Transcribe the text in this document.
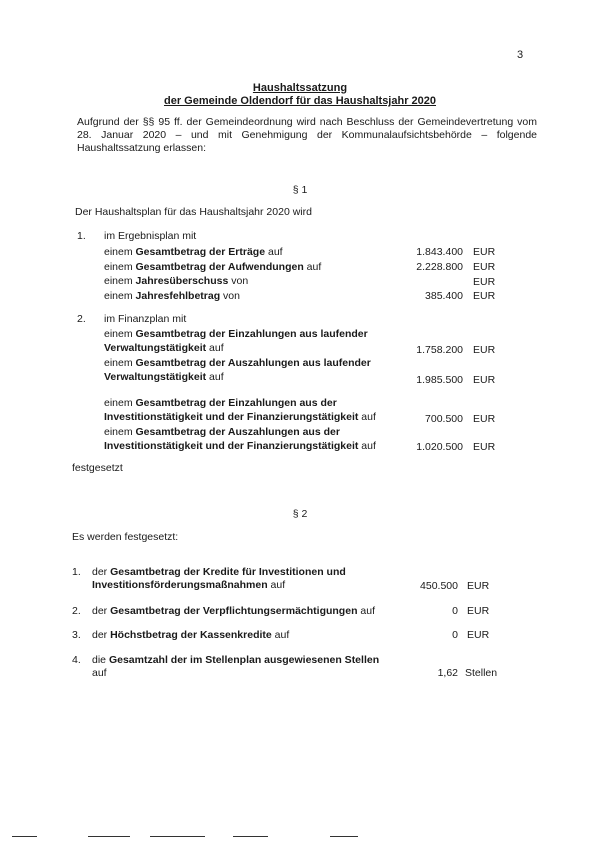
3
Haushaltssatzung
der Gemeinde Oldendorf für das Haushaltsjahr 2020
Aufgrund der §§ 95 ff. der Gemeindeordnung wird nach Beschluss der Gemeindevertretung vom 28. Januar 2020 – und mit Genehmigung der Kommunalaufsichtsbehörde – folgende Haushaltssatzung erlassen:
§ 1
Der Haushaltsplan für das Haushaltsjahr 2020 wird
1. im Ergebnisplan mit
einem Gesamtbetrag der Erträge auf	1.843.400 EUR
einem Gesamtbetrag der Aufwendungen auf	2.228.800 EUR
einem Jahresüberschuss von	EUR
einem Jahresfehlbetrag von	385.400 EUR
2. im Finanzplan mit
einem Gesamtbetrag der Einzahlungen aus laufender
Verwaltungstätigkeit auf	1.758.200 EUR
einem Gesamtbetrag der Auszahlungen aus laufender
Verwaltungstätigkeit auf	1.985.500 EUR
einem Gesamtbetrag der Einzahlungen aus der
Investitionstätigkeit und der Finanzierungstätigkeit auf	700.500 EUR
einem Gesamtbetrag der Auszahlungen aus der
Investitionstätigkeit und der Finanzierungstätigkeit auf	1.020.500 EUR
festgesetzt
§ 2
Es werden festgesetzt:
1. der Gesamtbetrag der Kredite für Investitionen und
Investitionsförderungsmaßnahmen auf	450.500 EUR
2. der Gesamtbetrag der Verpflichtungsermächtigungen auf	0 EUR
3. der Höchstbetrag der Kassenkredite auf	0 EUR
4. die Gesamtzahl der im Stellenplan ausgewiesenen Stellen
auf	1,62 Stellen
